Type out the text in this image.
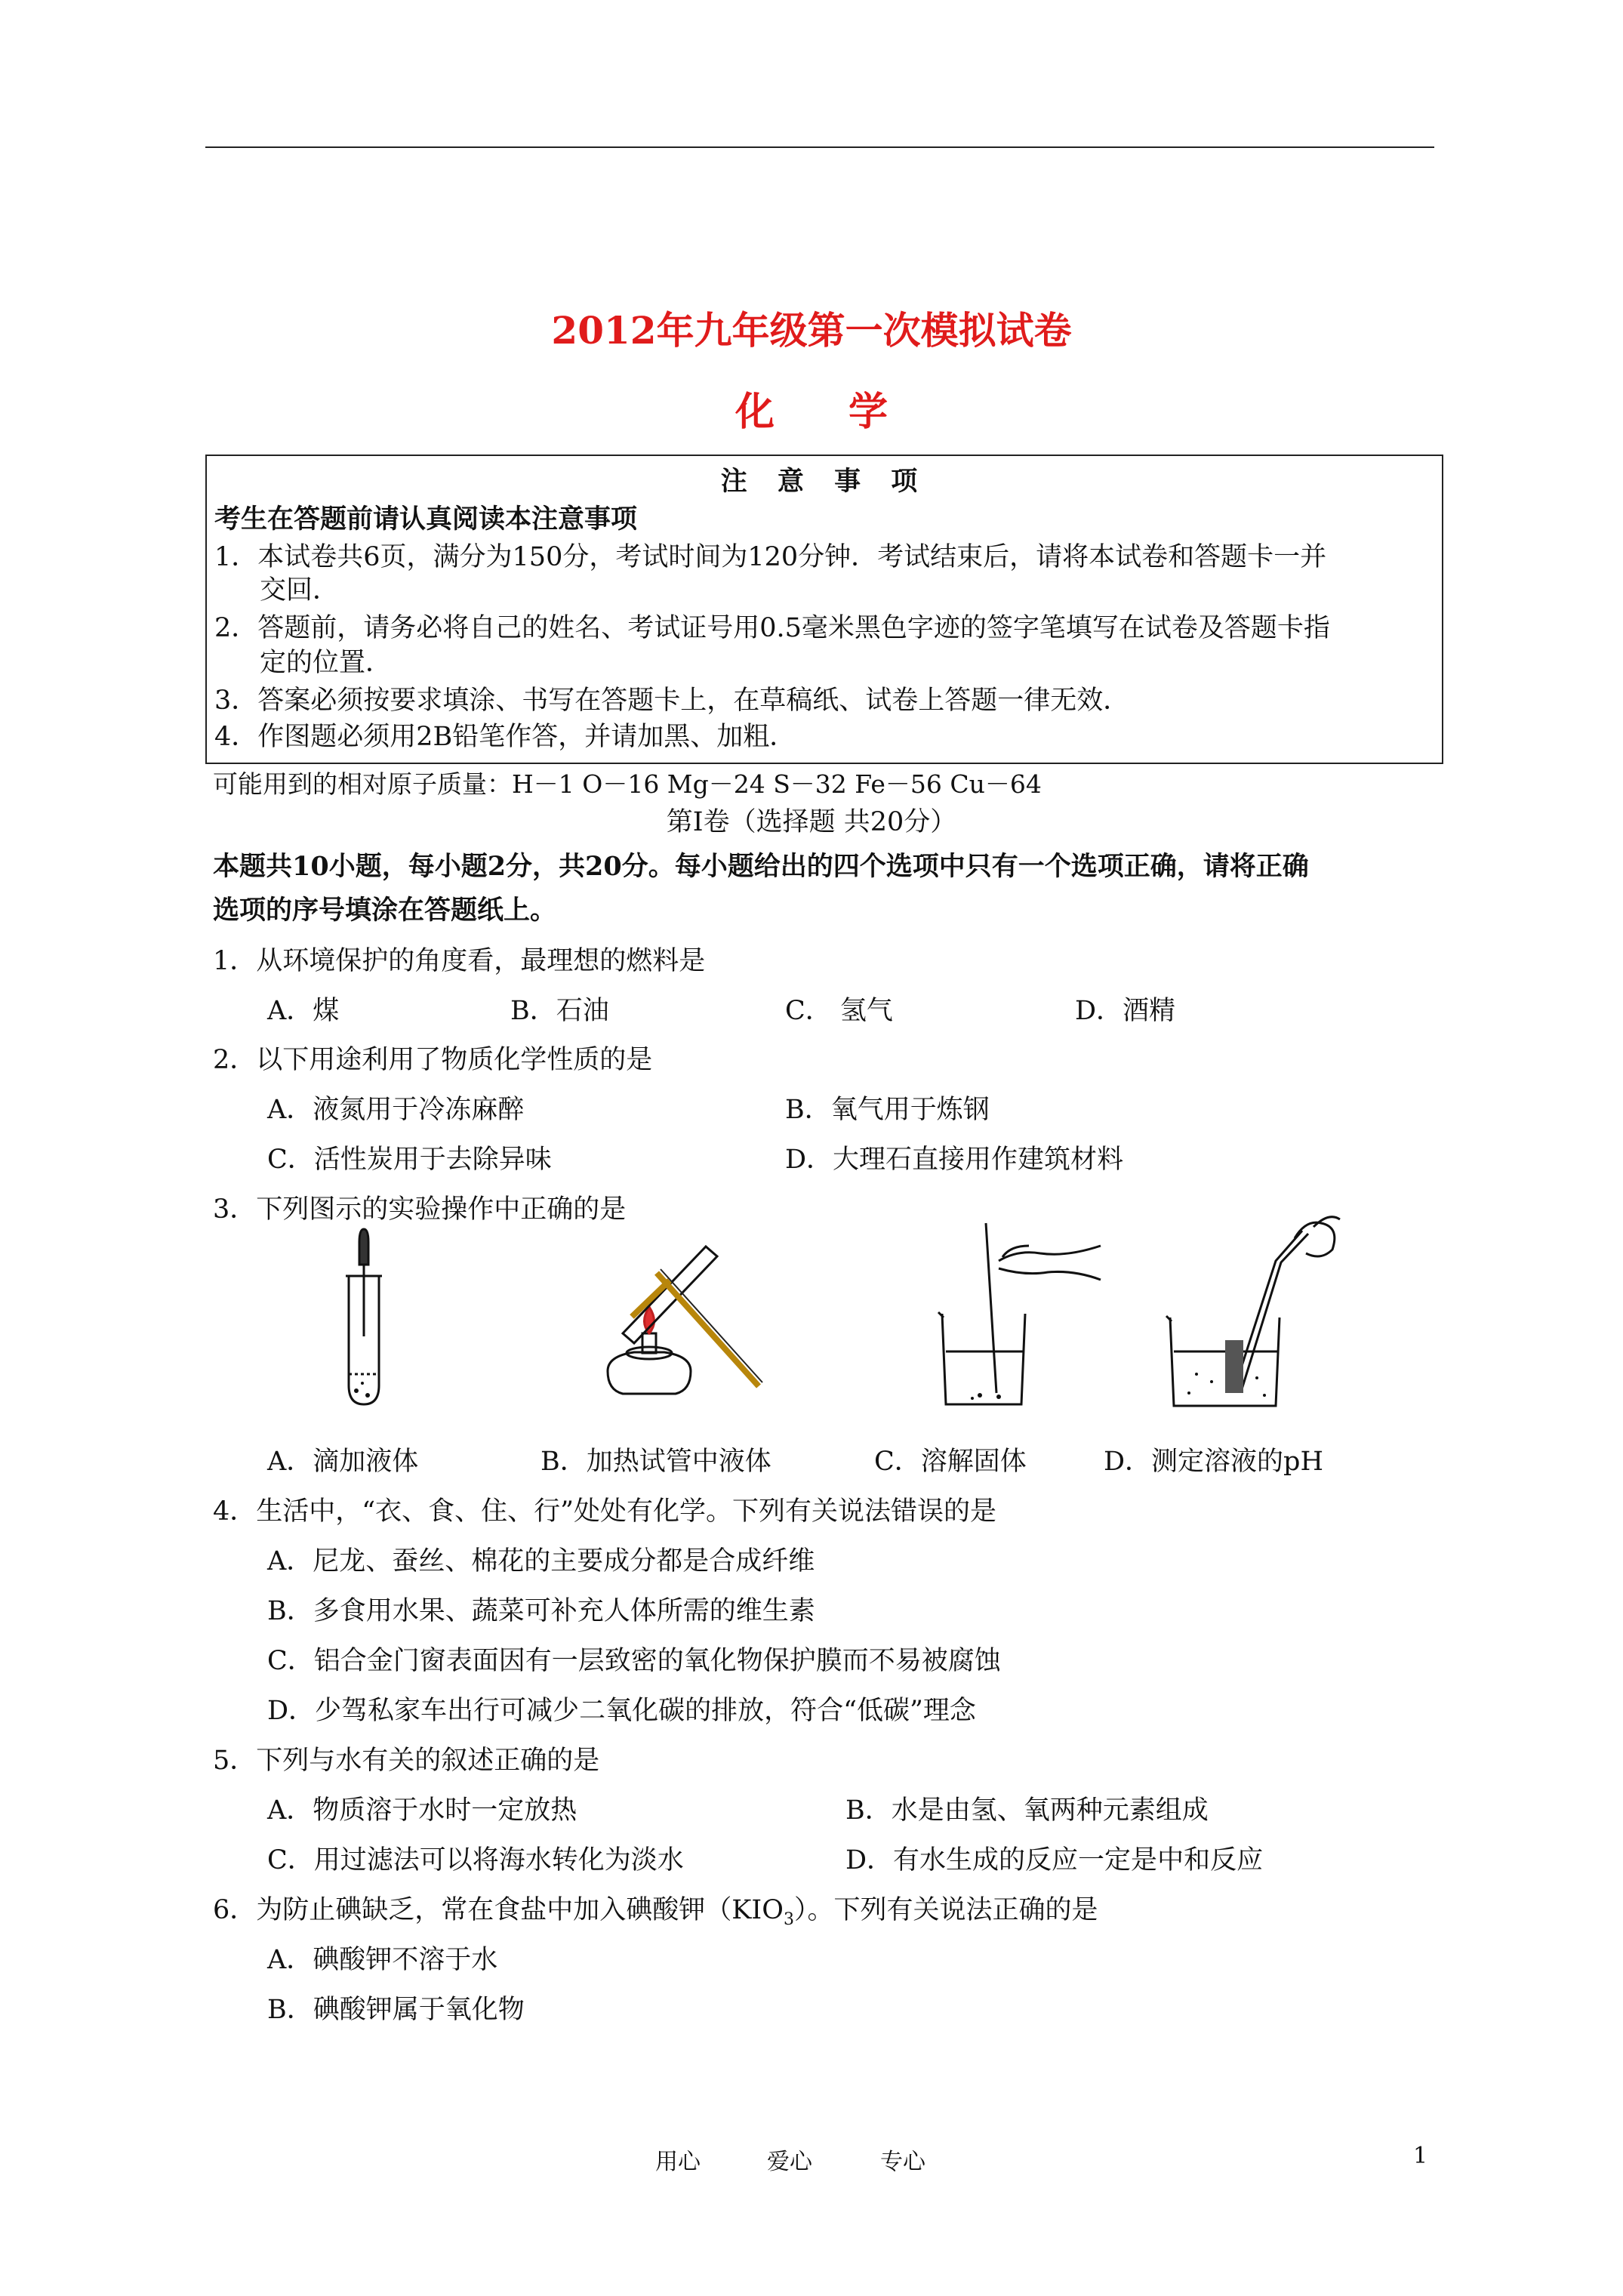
2012年九年级第一次模拟试卷
化 学
注 意 事 项
考生在答题前请认真阅读本注意事项
1．本试卷共6页，满分为150分，考试时间为120分钟．考试结束后，请将本试卷和答题卡一并
交回．
2．答题前，请务必将自己的姓名、考试证号用0.5毫米黑色字迹的签字笔填写在试卷及答题卡指
定的位置．
3．答案必须按要求填涂、书写在答题卡上，在草稿纸、试卷上答题一律无效．
4．作图题必须用2B铅笔作答，并请加黑、加粗．
可能用到的相对原子质量：H－1 O－16 Mg－24 S－32 Fe－56 Cu－64
第Ⅰ卷（选择题 共20分）
本题共10小题，每小题2分，共20分。每小题给出的四个选项中只有一个选项正确，请将正确
选项的序号填涂在答题纸上。
1．从环境保护的角度看，最理想的燃料是
A．煤	B．石油	C． 氢气	D．酒精
2．以下用途利用了物质化学性质的是
A．液氮用于冷冻麻醉	B．氧气用于炼钢
C．活性炭用于去除异味	D．大理石直接用作建筑材料
3．下列图示的实验操作中正确的是
A．滴加液体	B．加热试管中液体	C．溶解固体	D．测定溶液的pH
4．生活中，“衣、食、住、行”处处有化学。下列有关说法错误的是
A．尼龙、蚕丝、棉花的主要成分都是合成纤维
B．多食用水果、蔬菜可补充人体所需的维生素
C．铝合金门窗表面因有一层致密的氧化物保护膜而不易被腐蚀
D．少驾私家车出行可减少二氧化碳的排放，符合“低碳”理念
5．下列与水有关的叙述正确的是
A．物质溶于水时一定放热	B．水是由氢、氧两种元素组成
C．用过滤法可以将海水转化为淡水	D．有水生成的反应一定是中和反应
6．为防止碘缺乏，常在食盐中加入碘酸钾$(KIO_3)$。下列有关说法正确的是
A．碘酸钾不溶于水
B．碘酸钾属于氧化物
用心	爱心	专心	1
